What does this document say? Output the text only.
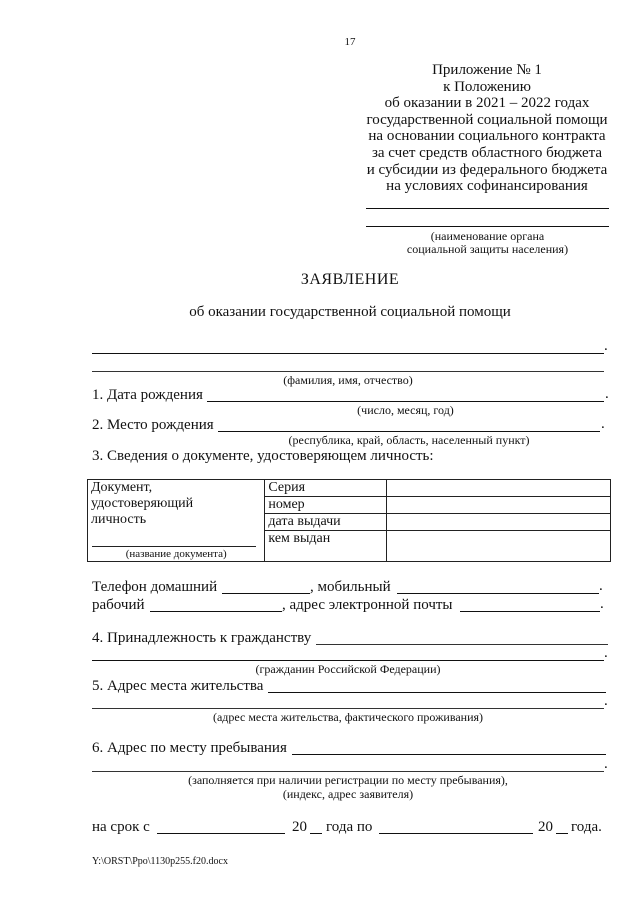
17
Приложение № 1
к Положению
об оказании в 2021 – 2022 годах
государственной социальной помощи
на основании социального контракта
за счет средств областного бюджета
и субсидии из федерального бюджета
на условиях софинансирования
(наименование органа
социальной защиты населения)
ЗАЯВЛЕНИЕ
об оказании государственной социальной помощи
.
(фамилия, имя, отчество)
1. Дата рождения	.
(число, месяц, год)
2. Место рождения	.
(республика, край, область, населенный пункт)
3. Сведения о документе, удостоверяющем личность:
Документ,
удостоверяющий
личность
(название документа)	Серия	
	номер	
	дата выдачи	
	кем выдан	
Телефон домашний	, мобильный	.
рабочий	, адрес электронной почты	.
4. Принадлежность к гражданству
.
(гражданин Российской Федерации)
5. Адрес места жительства
.
(адрес места жительства, фактического проживания)
6. Адрес по месту пребывания
.
(заполняется при наличии регистрации по месту пребывания),
(индекс, адрес заявителя)
на срок с	20 года по	20 года.
Y:\ORST\Ppo\1130p255.f20.docx
